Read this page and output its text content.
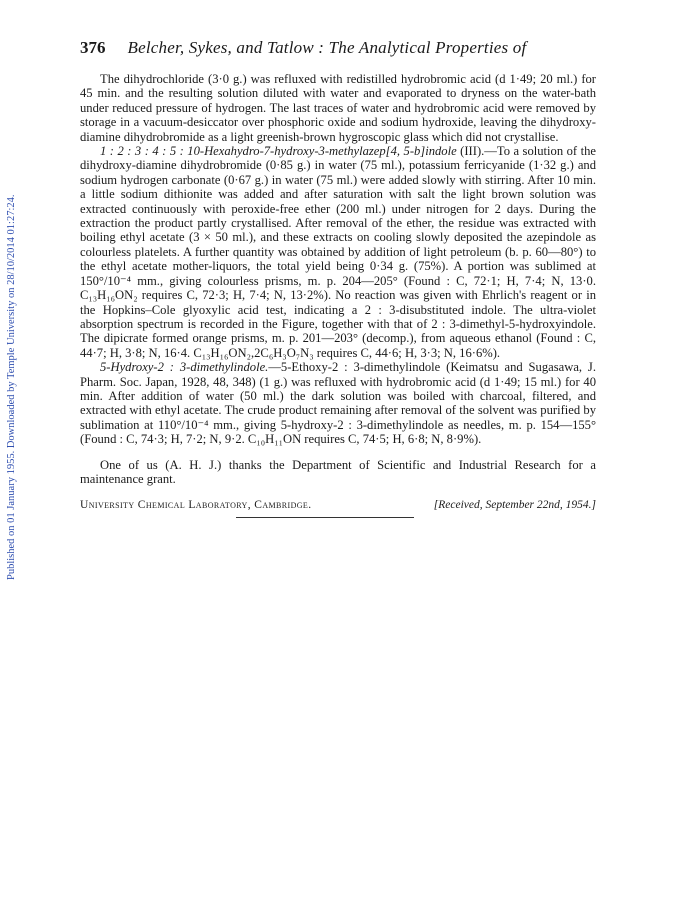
Published on 01 January 1955. Downloaded by Temple University on 28/10/2014 01:27:24.
376 Belcher, Sykes, and Tatlow : The Analytical Properties of

The dihydrochloride (3·0 g.) was refluxed with redistilled hydrobromic acid (d 1·49; 20 ml.) for 45 min. and the resulting solution diluted with water and evaporated to dryness on the water-bath under reduced pressure of hydrogen. The last traces of water and hydrobromic acid were removed by storage in a vacuum-desiccator over phosphoric oxide and sodium hydroxide, leaving the dihydroxy-diamine dihydrobromide as a light greenish-brown hygroscopic glass which did not crystallise.

1 : 2 : 3 : 4 : 5 : 10-Hexahydro-7-hydroxy-3-methylazep[4, 5-b]indole (III).—To a solution of the dihydroxy-diamine dihydrobromide (0·85 g.) in water (75 ml.), potassium ferricyanide (1·32 g.) and sodium hydrogen carbonate (0·67 g.) in water (75 ml.) were added slowly with stirring. After 10 min. a little sodium dithionite was added and after saturation with salt the light brown solution was extracted continuously with peroxide-free ether (200 ml.) under nitrogen for 2 days. During the extraction the product partly crystallised. After removal of the ether, the residue was extracted with boiling ethyl acetate (3 × 50 ml.), and these extracts on cooling slowly deposited the azepindole as colourless platelets. A further quantity was obtained by addition of light petroleum (b. p. 60—80°) to the ethyl acetate mother-liquors, the total yield being 0·34 g. (75%). A portion was sublimed at 150°/10⁻⁴ mm., giving colourless prisms, m. p. 204—205° (Found : C, 72·1; H, 7·4; N, 13·0. C₁₃H₁₆ON₂ requires C, 72·3; H, 7·4; N, 13·2%). No reaction was given with Ehrlich's reagent or in the Hopkins–Cole glyoxylic acid test, indicating a 2 : 3-disubstituted indole. The ultra-violet absorption spectrum is recorded in the Figure, together with that of 2 : 3-dimethyl-5-hydroxyindole. The dipicrate formed orange prisms, m. p. 201—203° (decomp.), from aqueous ethanol (Found : C, 44·7; H, 3·8; N, 16·4. C₁₃H₁₆ON₂,2C₆H₃O₇N₃ requires C, 44·6; H, 3·3; N, 16·6%).

5-Hydroxy-2 : 3-dimethylindole.—5-Ethoxy-2 : 3-dimethylindole (Keimatsu and Sugasawa, J. Pharm. Soc. Japan, 1928, 48, 348) (1 g.) was refluxed with hydrobromic acid (d 1·49; 15 ml.) for 40 min. After addition of water (50 ml.) the dark solution was boiled with charcoal, filtered, and extracted with ethyl acetate. The crude product remaining after removal of the solvent was purified by sublimation at 110°/10⁻⁴ mm., giving 5-hydroxy-2 : 3-dimethylindole as needles, m. p. 154—155° (Found : C, 74·3; H, 7·2; N, 9·2. C₁₀H₁₁ON requires C, 74·5; H, 6·8; N, 8·9%).

One of us (A. H. J.) thanks the Department of Scientific and Industrial Research for a maintenance grant.

University Chemical Laboratory, Cambridge.	[Received, September 22nd, 1954.]
